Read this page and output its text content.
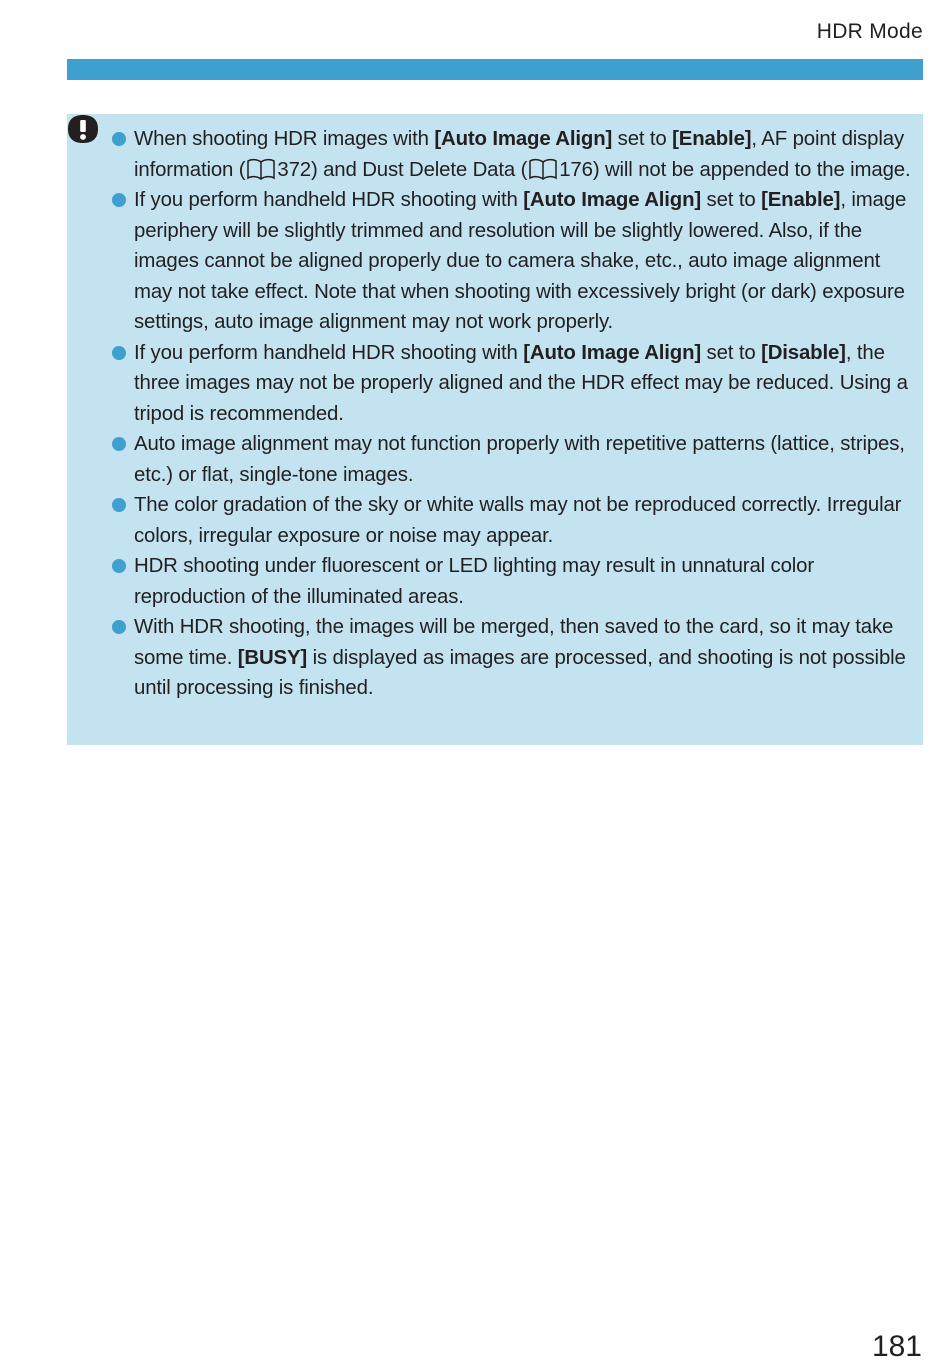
HDR Mode
When shooting HDR images with [Auto Image Align] set to [Enable], AF point display information ( 372) and Dust Delete Data ( 176) will not be appended to the image.
If you perform handheld HDR shooting with [Auto Image Align] set to [Enable], image periphery will be slightly trimmed and resolution will be slightly lowered. Also, if the images cannot be aligned properly due to camera shake, etc., auto image alignment may not take effect. Note that when shooting with excessively bright (or dark) exposure settings, auto image alignment may not work properly.
If you perform handheld HDR shooting with [Auto Image Align] set to [Disable], the three images may not be properly aligned and the HDR effect may be reduced. Using a tripod is recommended.
Auto image alignment may not function properly with repetitive patterns (lattice, stripes, etc.) or flat, single-tone images.
The color gradation of the sky or white walls may not be reproduced correctly. Irregular colors, irregular exposure or noise may appear.
HDR shooting under fluorescent or LED lighting may result in unnatural color reproduction of the illuminated areas.
With HDR shooting, the images will be merged, then saved to the card, so it may take some time. [BUSY] is displayed as images are processed, and shooting is not possible until processing is finished.
181
